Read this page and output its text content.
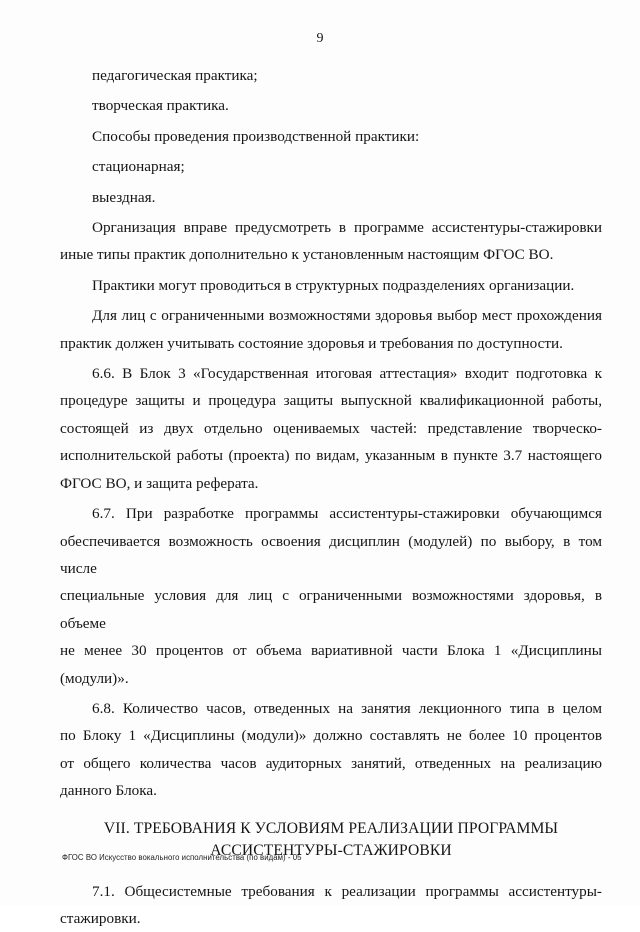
9

педагогическая практика;

творческая практика.

Способы проведения производственной практики:

стационарная;

выездная.

Организация вправе предусмотреть в программе ассистентуры-стажировки

иные типы практик дополнительно к установленным настоящим ФГОС ВО.

Практики могут проводиться в структурных подразделениях организации.

Для лиц с ограниченными возможностями здоровья выбор мест прохождения

практик должен учитывать состояние здоровья и требования по доступности.

6.6. В Блок 3 «Государственная итоговая аттестация» входит подготовка к

процедуре защиты и процедура защиты выпускной квалификационной работы,

состоящей из двух отдельно оцениваемых частей: представление творческо-

исполнительской работы (проекта) по видам, указанным в пункте 3.7 настоящего

ФГОС ВО, и защита реферата.

6.7. При разработке программы ассистентуры-стажировки обучающимся

обеспечивается возможность освоения дисциплин (модулей) по выбору, в том числе

специальные условия для лиц с ограниченными возможностями здоровья, в объеме

не менее 30 процентов от объема вариативной части Блока 1 «Дисциплины

(модули)».

6.8. Количество часов, отведенных на занятия лекционного типа в целом

по Блоку 1 «Дисциплины (модули)» должно составлять не более 10 процентов

от общего количества часов аудиторных занятий, отведенных на реализацию

данного Блока.

VII. ТРЕБОВАНИЯ К УСЛОВИЯМ РЕАЛИЗАЦИИ ПРОГРАММЫ
АССИСТЕНТУРЫ-СТАЖИРОВКИ

7.1. Общесистемные требования к реализации программы ассистентуры-

стажировки.

ФГОС ВО Искусство вокального исполнительства (по видам) - 05
